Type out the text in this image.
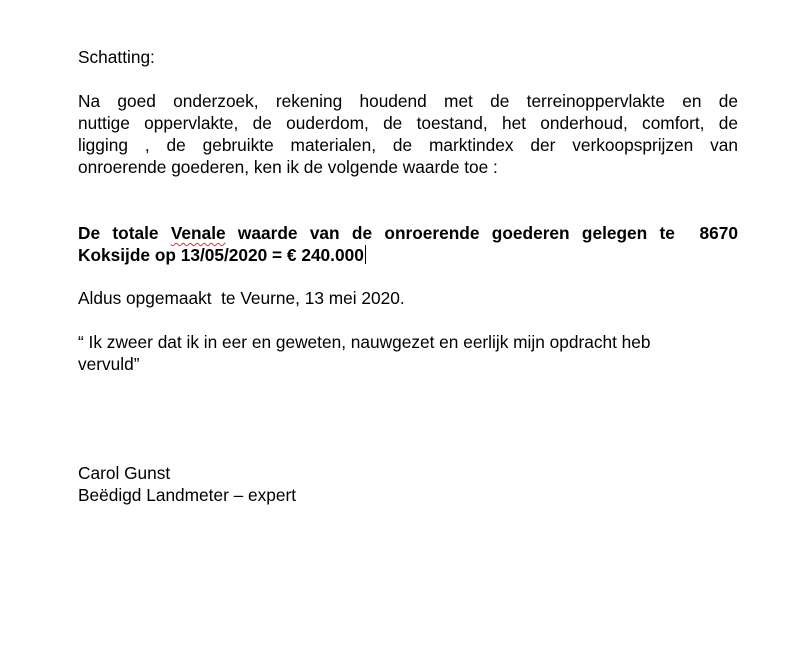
Schatting:

Na goed onderzoek, rekening houdend met de terreinoppervlakte en de

nuttige oppervlakte, de ouderdom, de toestand, het onderhoud, comfort, de

ligging , de gebruikte materialen, de marktindex der verkoopsprijzen van

onroerende goederen, ken ik de volgende waarde toe :

De totale Venale waarde van de onroerende goederen gelegen te  8670

Koksijde op 13/05/2020 = € 240.000

Aldus opgemaakt  te Veurne, 13 mei 2020.

“ Ik zweer dat ik in eer en geweten, nauwgezet en eerlijk mijn opdracht heb

vervuld”

Carol Gunst

Beëdigd Landmeter – expert
